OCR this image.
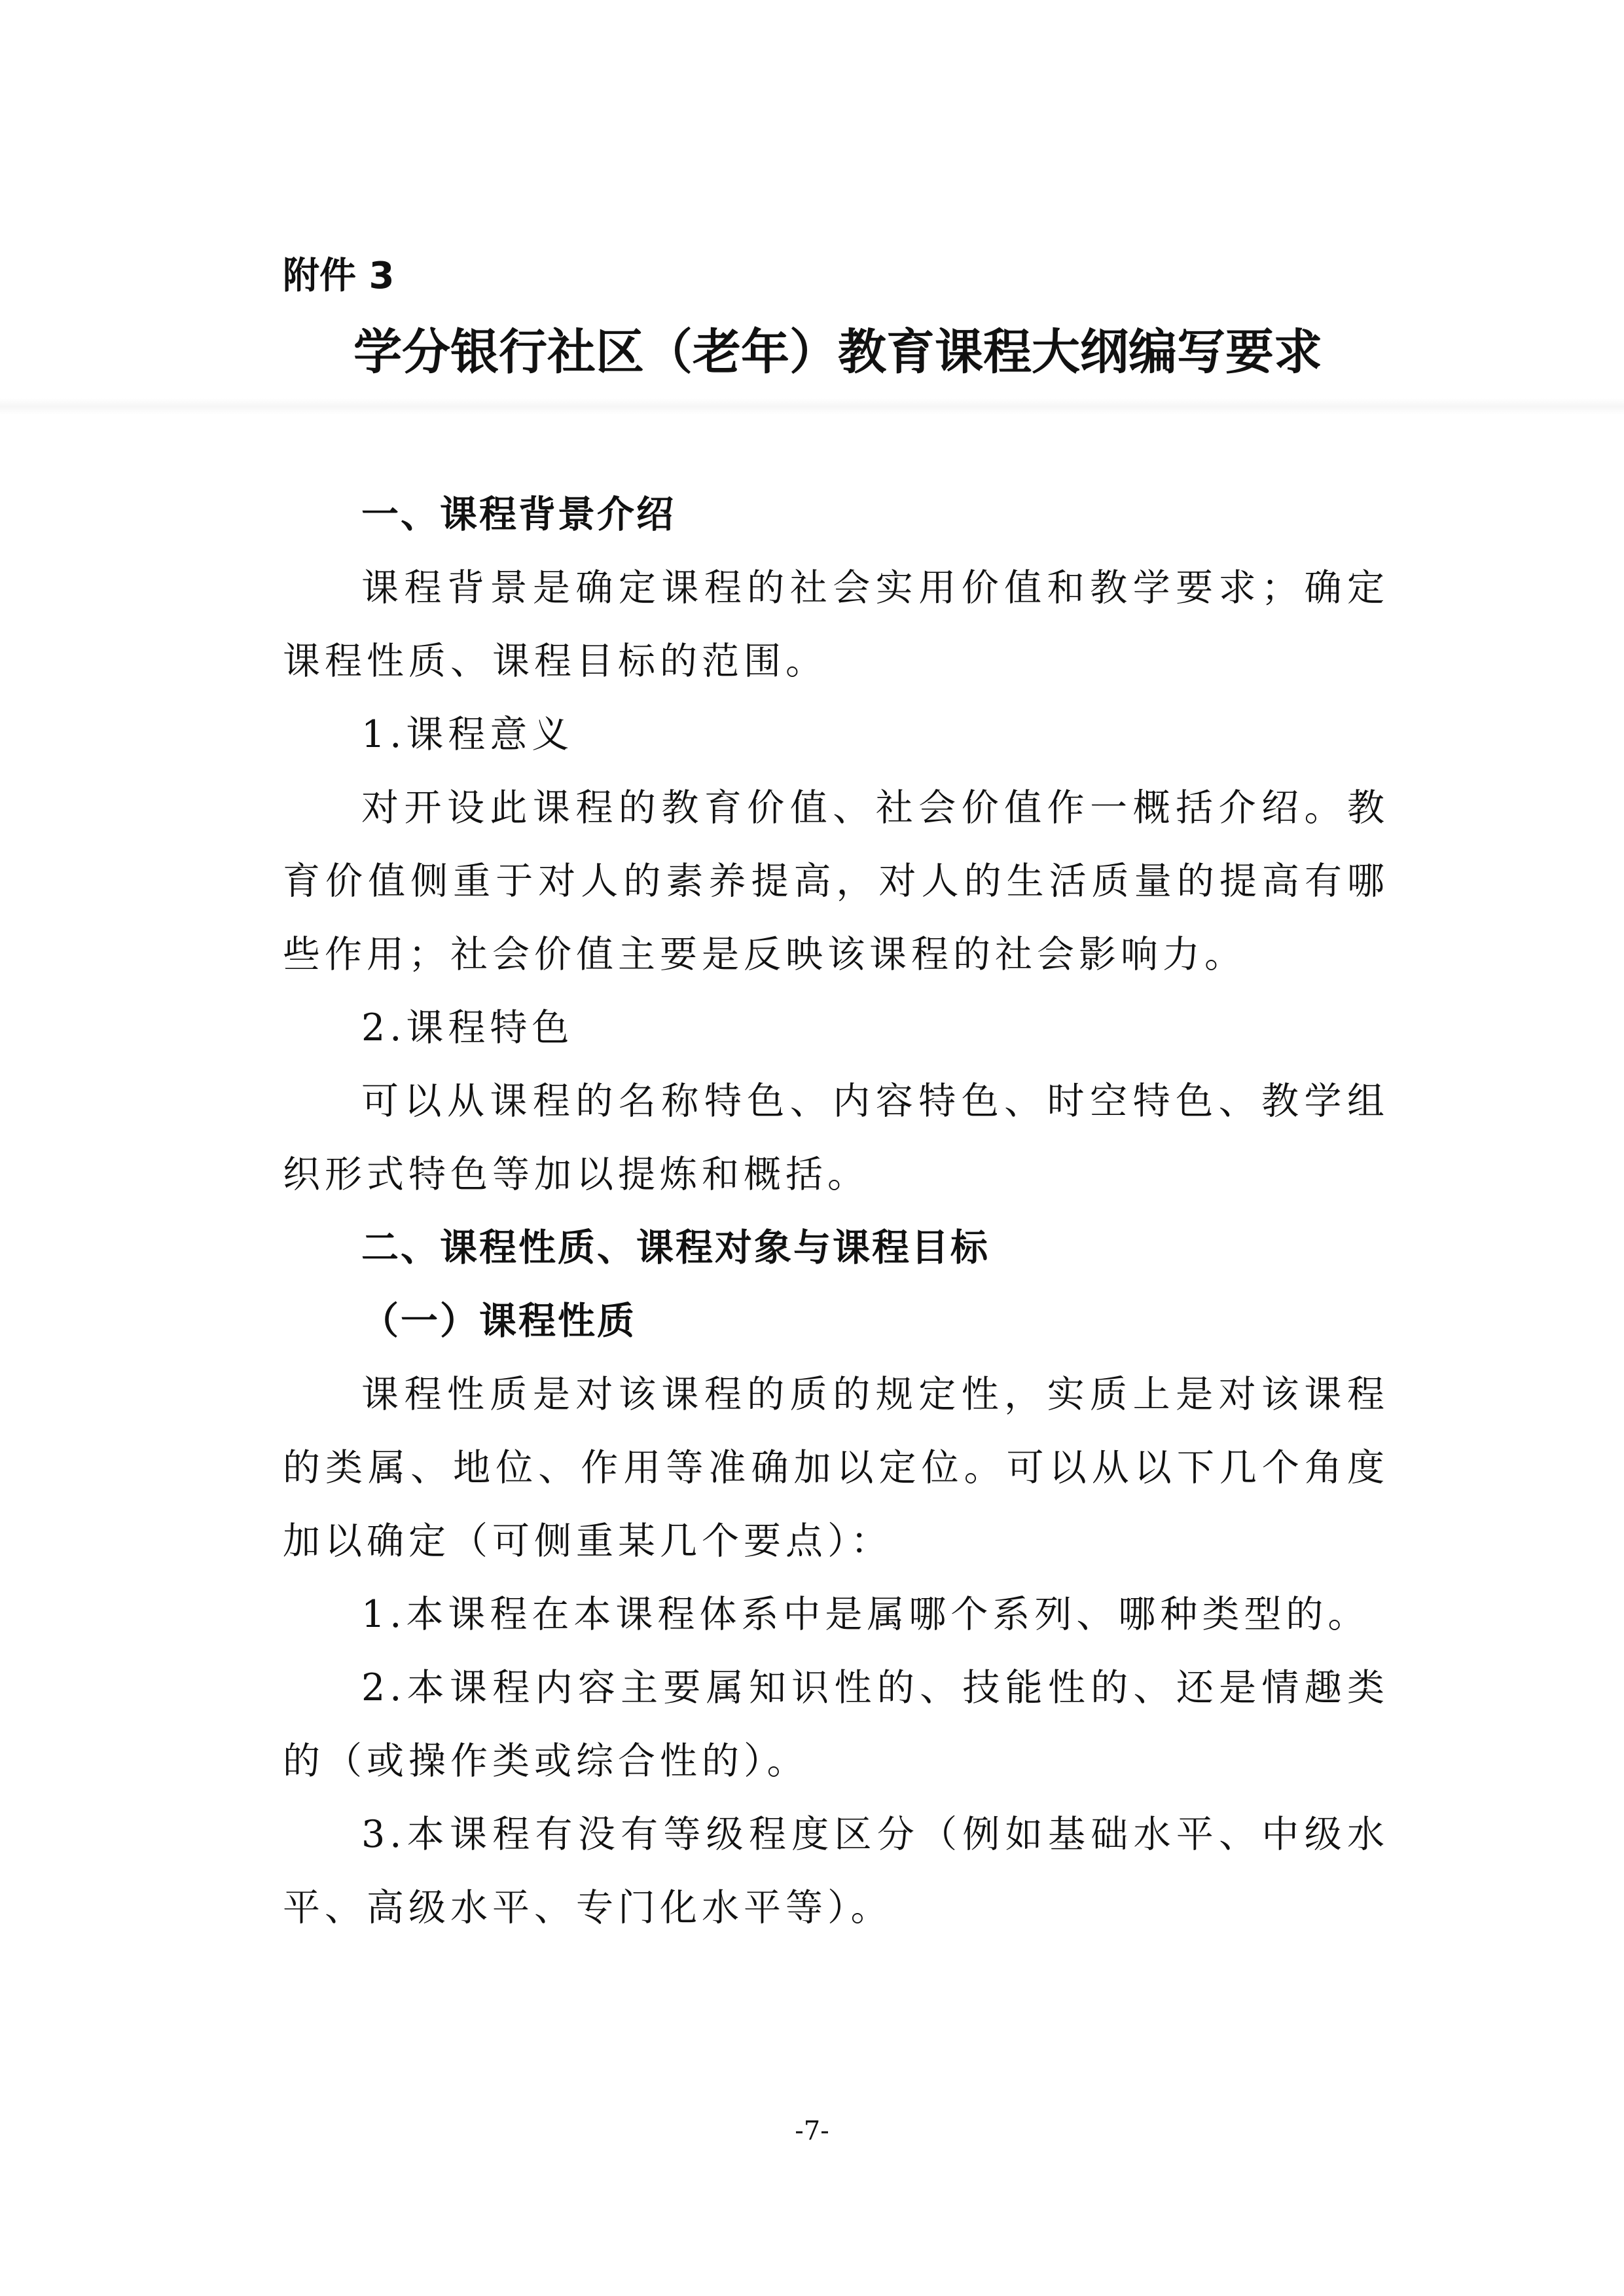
附件 3
学分银行社区（老年）教育课程大纲编写要求

一、课程背景介绍

课程背景是确定课程的社会实用价值和教学要求；确定课程性质、课程目标的范围。

1.课程意义

对开设此课程的教育价值、社会价值作一概括介绍。教育价值侧重于对人的素养提高，对人的生活质量的提高有哪些作用；社会价值主要是反映该课程的社会影响力。

2.课程特色

可以从课程的名称特色、内容特色、时空特色、教学组织形式特色等加以提炼和概括。

二、课程性质、课程对象与课程目标

（一）课程性质

课程性质是对该课程的质的规定性，实质上是对该课程的类属、地位、作用等准确加以定位。可以从以下几个角度加以确定（可侧重某几个要点）：

1.本课程在本课程体系中是属哪个系列、哪种类型的。

2.本课程内容主要属知识性的、技能性的、还是情趣类的（或操作类或综合性的）。

3.本课程有没有等级程度区分（例如基础水平、中级水平、高级水平、专门化水平等）。

-7-
